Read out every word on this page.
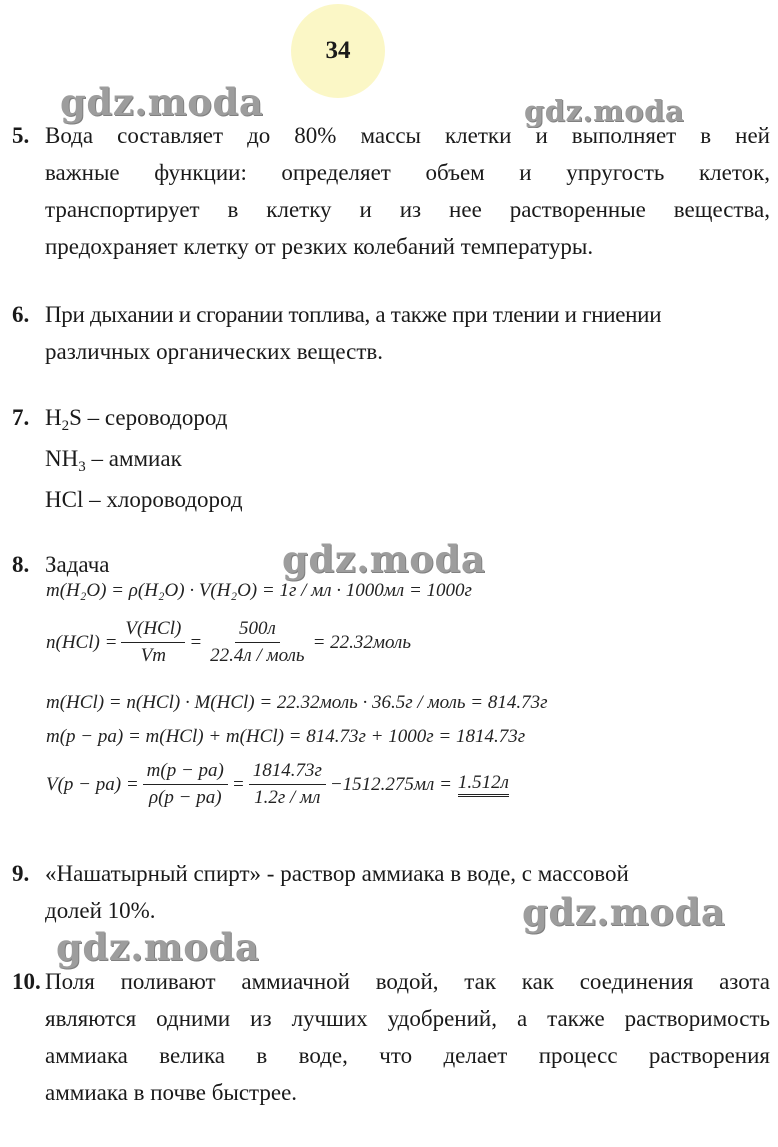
34
gdz.moda	gdz.moda
gdz.moda
gdz.moda
gdz.moda
5. Вода составляет до 80% массы клетки и выполняет в ней
важные функции: определяет объем и упругость клеток,
транспортирует в клетку и из нее растворенные вещества,
предохраняет клетку от резких колебаний температуры.
6. При дыхании и сгорании топлива, а также при тлении и гниении
различных органических веществ.
7. $H_2S$ – сероводород
$NH_3$ – аммиак
HCl – хлороводород
8. Задача
m(H₂O) = ρ(H₂O) · V(H₂O) = 1г / мл · 1000мл = 1000г
$n(HCl) = \frac{\text{V(HCl)}}{Vm} = \frac{500л}{\text{22.4л / моль}}$ = 22.32моль
m(HCl) = n(HCl) · M(HCl) = 22.32моль · 36.5г / моль = 814.73г
m(p − pa) = m(HCl) + m(HCl) = 814.73г + 1000г = 1814.73г
$V(p - pa) = \frac{m(p - pa)}{\rho(p - pa)} = \frac{1814.73г}{1.2г / мл} -1512.275мл = 1.512л$
9. «Нашатырный спирт» - раствор аммиака в воде, с массовой
долей 10%.
10. Поля поливают аммиачной водой, так как соединения азота
являются одними из лучших удобрений, а также растворимость
аммиака велика в воде, что делает процесс растворения
аммиака в почве быстрее.
